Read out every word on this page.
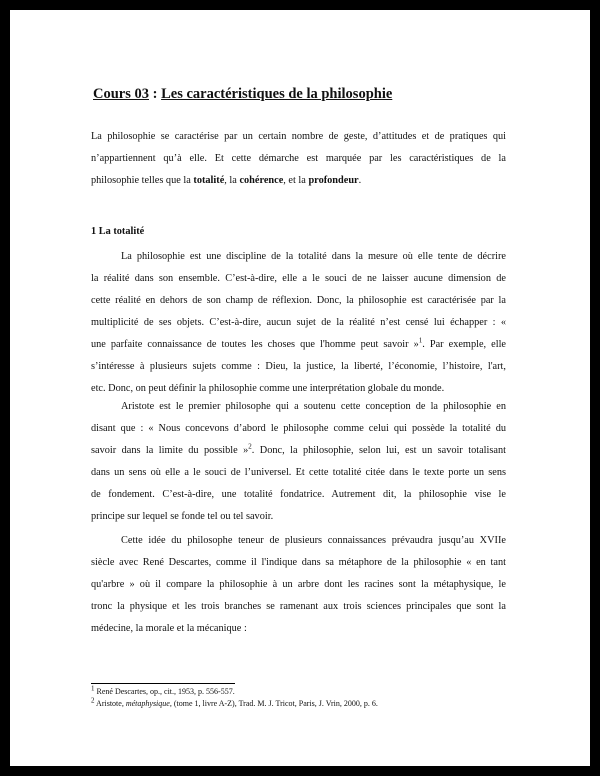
Cours 03 : Les caractéristiques de la philosophie

La philosophie se caractérise par un certain nombre de geste, d’attitudes et de pratiques qui
n’appartiennent qu’à elle. Et cette démarche est marquée par les caractéristiques de la
philosophie telles que la totalité, la cohérence, et la profondeur.

1 La totalité

La philosophie est une discipline de la totalité dans la mesure où elle tente de décrire
la réalité dans son ensemble. C’est-à-dire, elle a le souci de ne laisser aucune dimension de
cette réalité en dehors de son champ de réflexion. Donc, la philosophie est caractérisée par la
multiplicité de ses objets. C’est-à-dire, aucun sujet de la réalité n’est censé lui échapper : «
une parfaite connaissance de toutes les choses que l'homme peut savoir »$^1$. Par exemple, elle
s’intéresse à plusieurs sujets comme : Dieu, la justice, la liberté, l’économie, l’histoire, l'art,
etc. Donc, on peut définir la philosophie comme une interprétation globale du monde.

Aristote est le premier philosophe qui a soutenu cette conception de la philosophie en
disant que : « Nous concevons d’abord le philosophe comme celui qui possède la totalité du
savoir dans la limite du possible »$^2$. Donc, la philosophie, selon lui, est un savoir totalisant
dans un sens où elle a le souci de l’universel. Et cette totalité citée dans le texte porte un sens
de fondement. C’est-à-dire, une totalité fondatrice. Autrement dit, la philosophie vise le
principe sur lequel se fonde tel ou tel savoir.

Cette idée du philosophe teneur de plusieurs connaissances prévaudra jusqu’au XVIIe
siècle avec René Descartes, comme il l'indique dans sa métaphore de la philosophie « en tant
qu'arbre » où il compare la philosophie à un arbre dont les racines sont la métaphysique, le
tronc la physique et les trois branches se ramenant aux trois sciences principales que sont la
médecine, la morale et la mécanique :

$^1$ René Descartes, op., cit., 1953, p. 556-557.

$^2$ Aristote, métaphysique, (tome 1, livre A-Z), Trad. M. J. Tricot, Paris, J. Vrin, 2000, p. 6.
